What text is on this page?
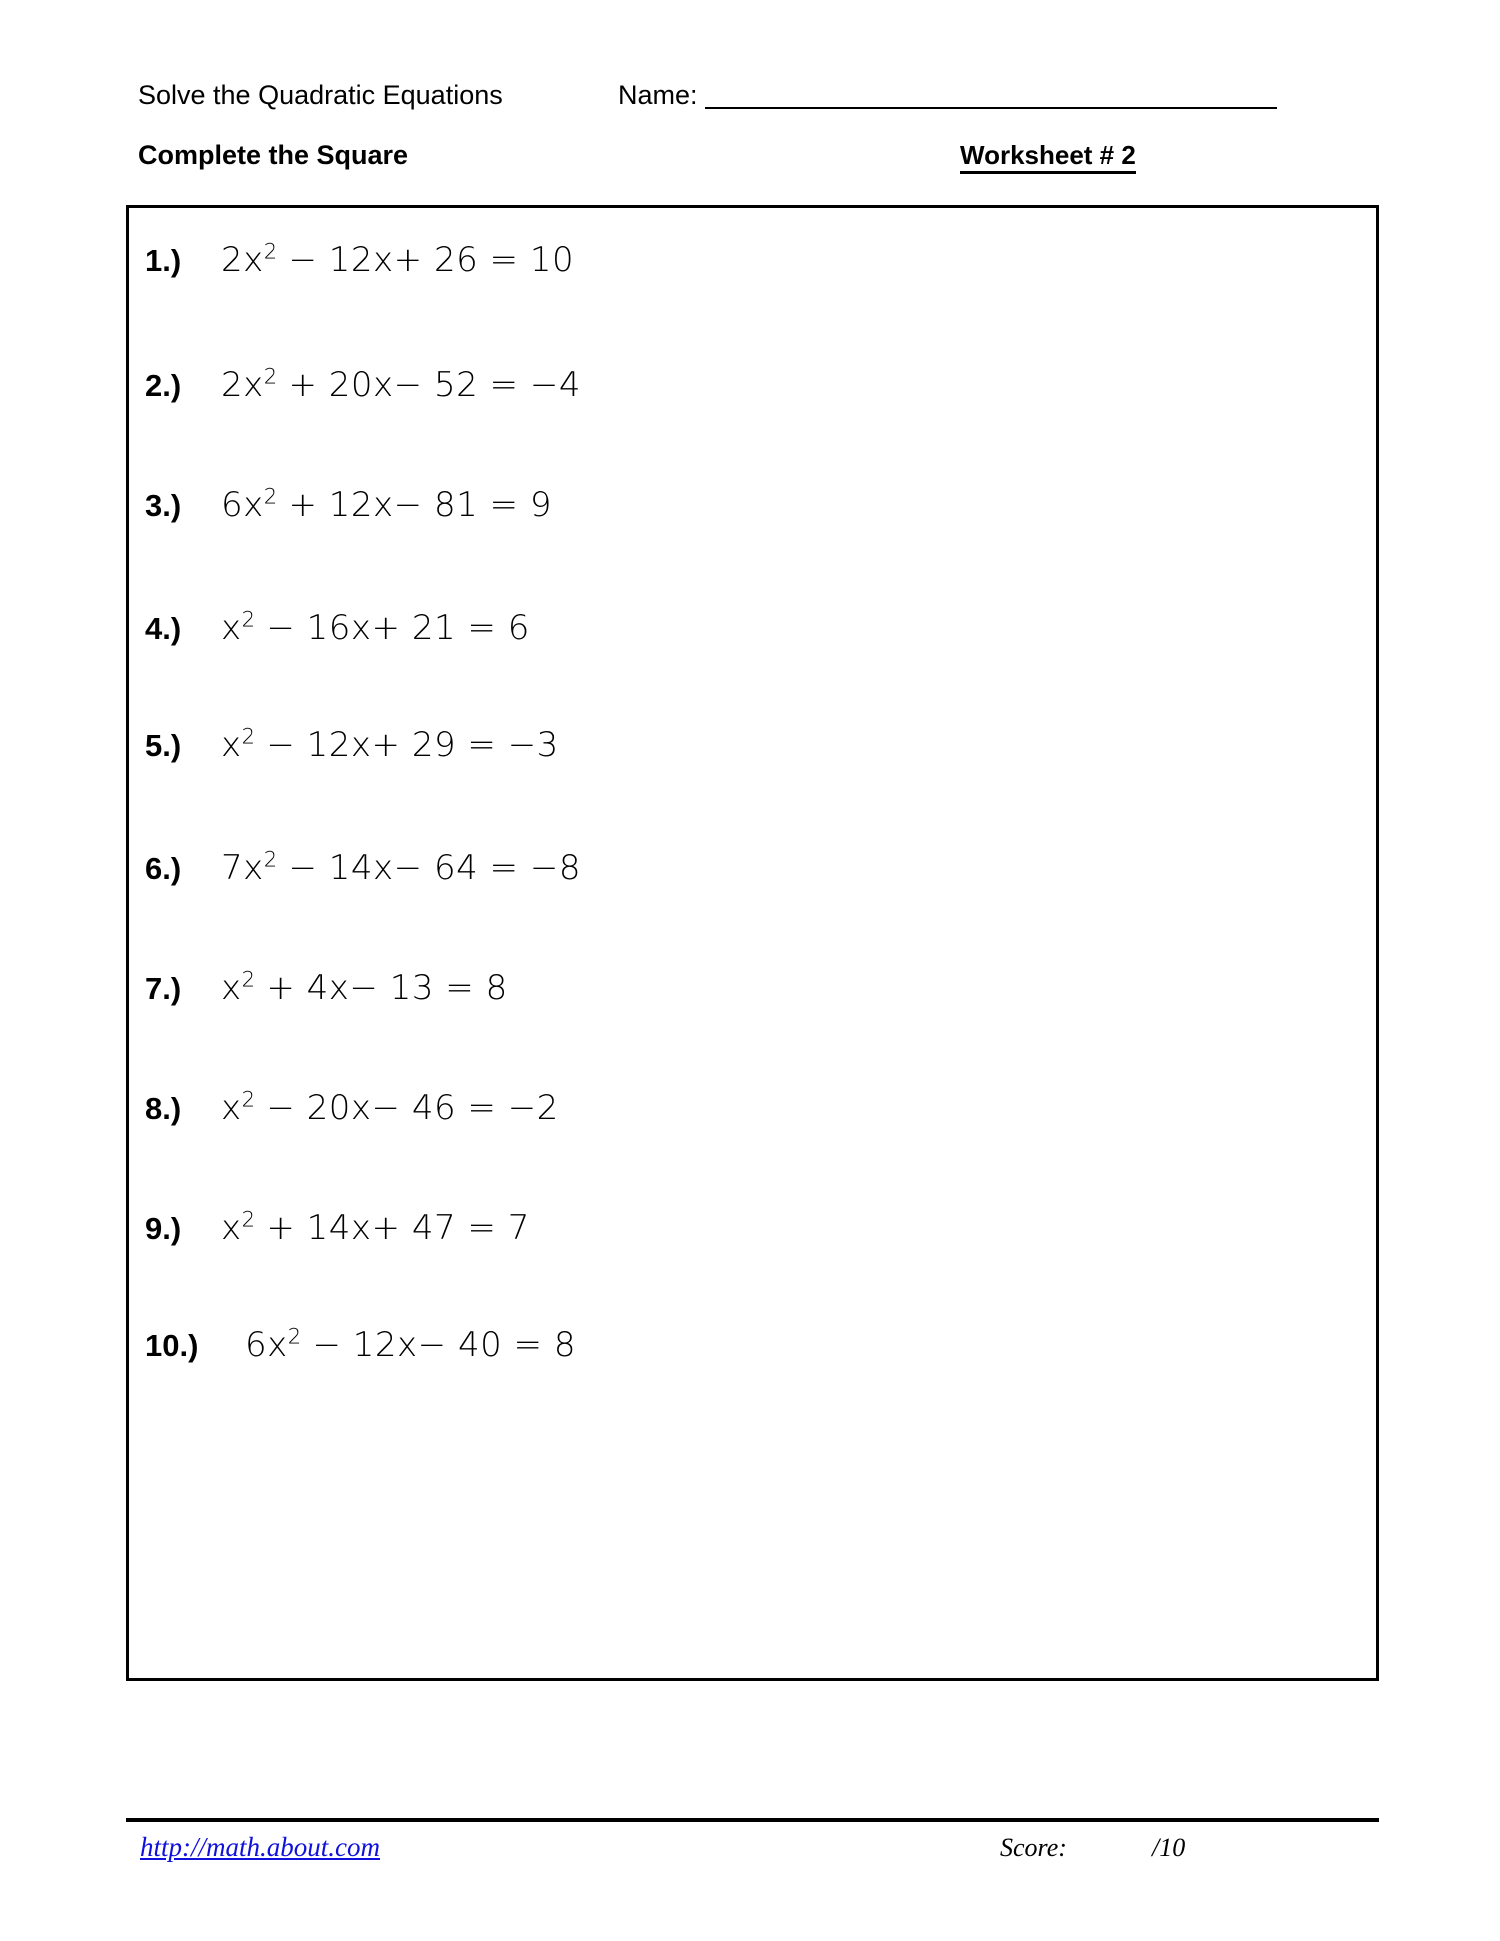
Solve the Quadratic Equations	Name:
Complete the Square	Worksheet # 2
1.)	$2x^2 - 12x+ 26 = 10$
2.)	$2x^2 + 20x- 52 = -4$
3.)	$6x^2 + 12x- 81 = 9$
4.)	$x^2 - 16x+ 21 = 6$
5.)	$x^2 - 12x+ 29 = -3$
6.)	$7x^2 - 14x- 64 = -8$
7.)	$x^2 + 4x- 13 = 8$
8.)	$x^2 - 20x- 46 = -2$
9.)	$x^2 + 14x+ 47 = 7$
10.)	$6x^2 - 12x- 40 = 8$
http://math.about.com	Score:	/10
